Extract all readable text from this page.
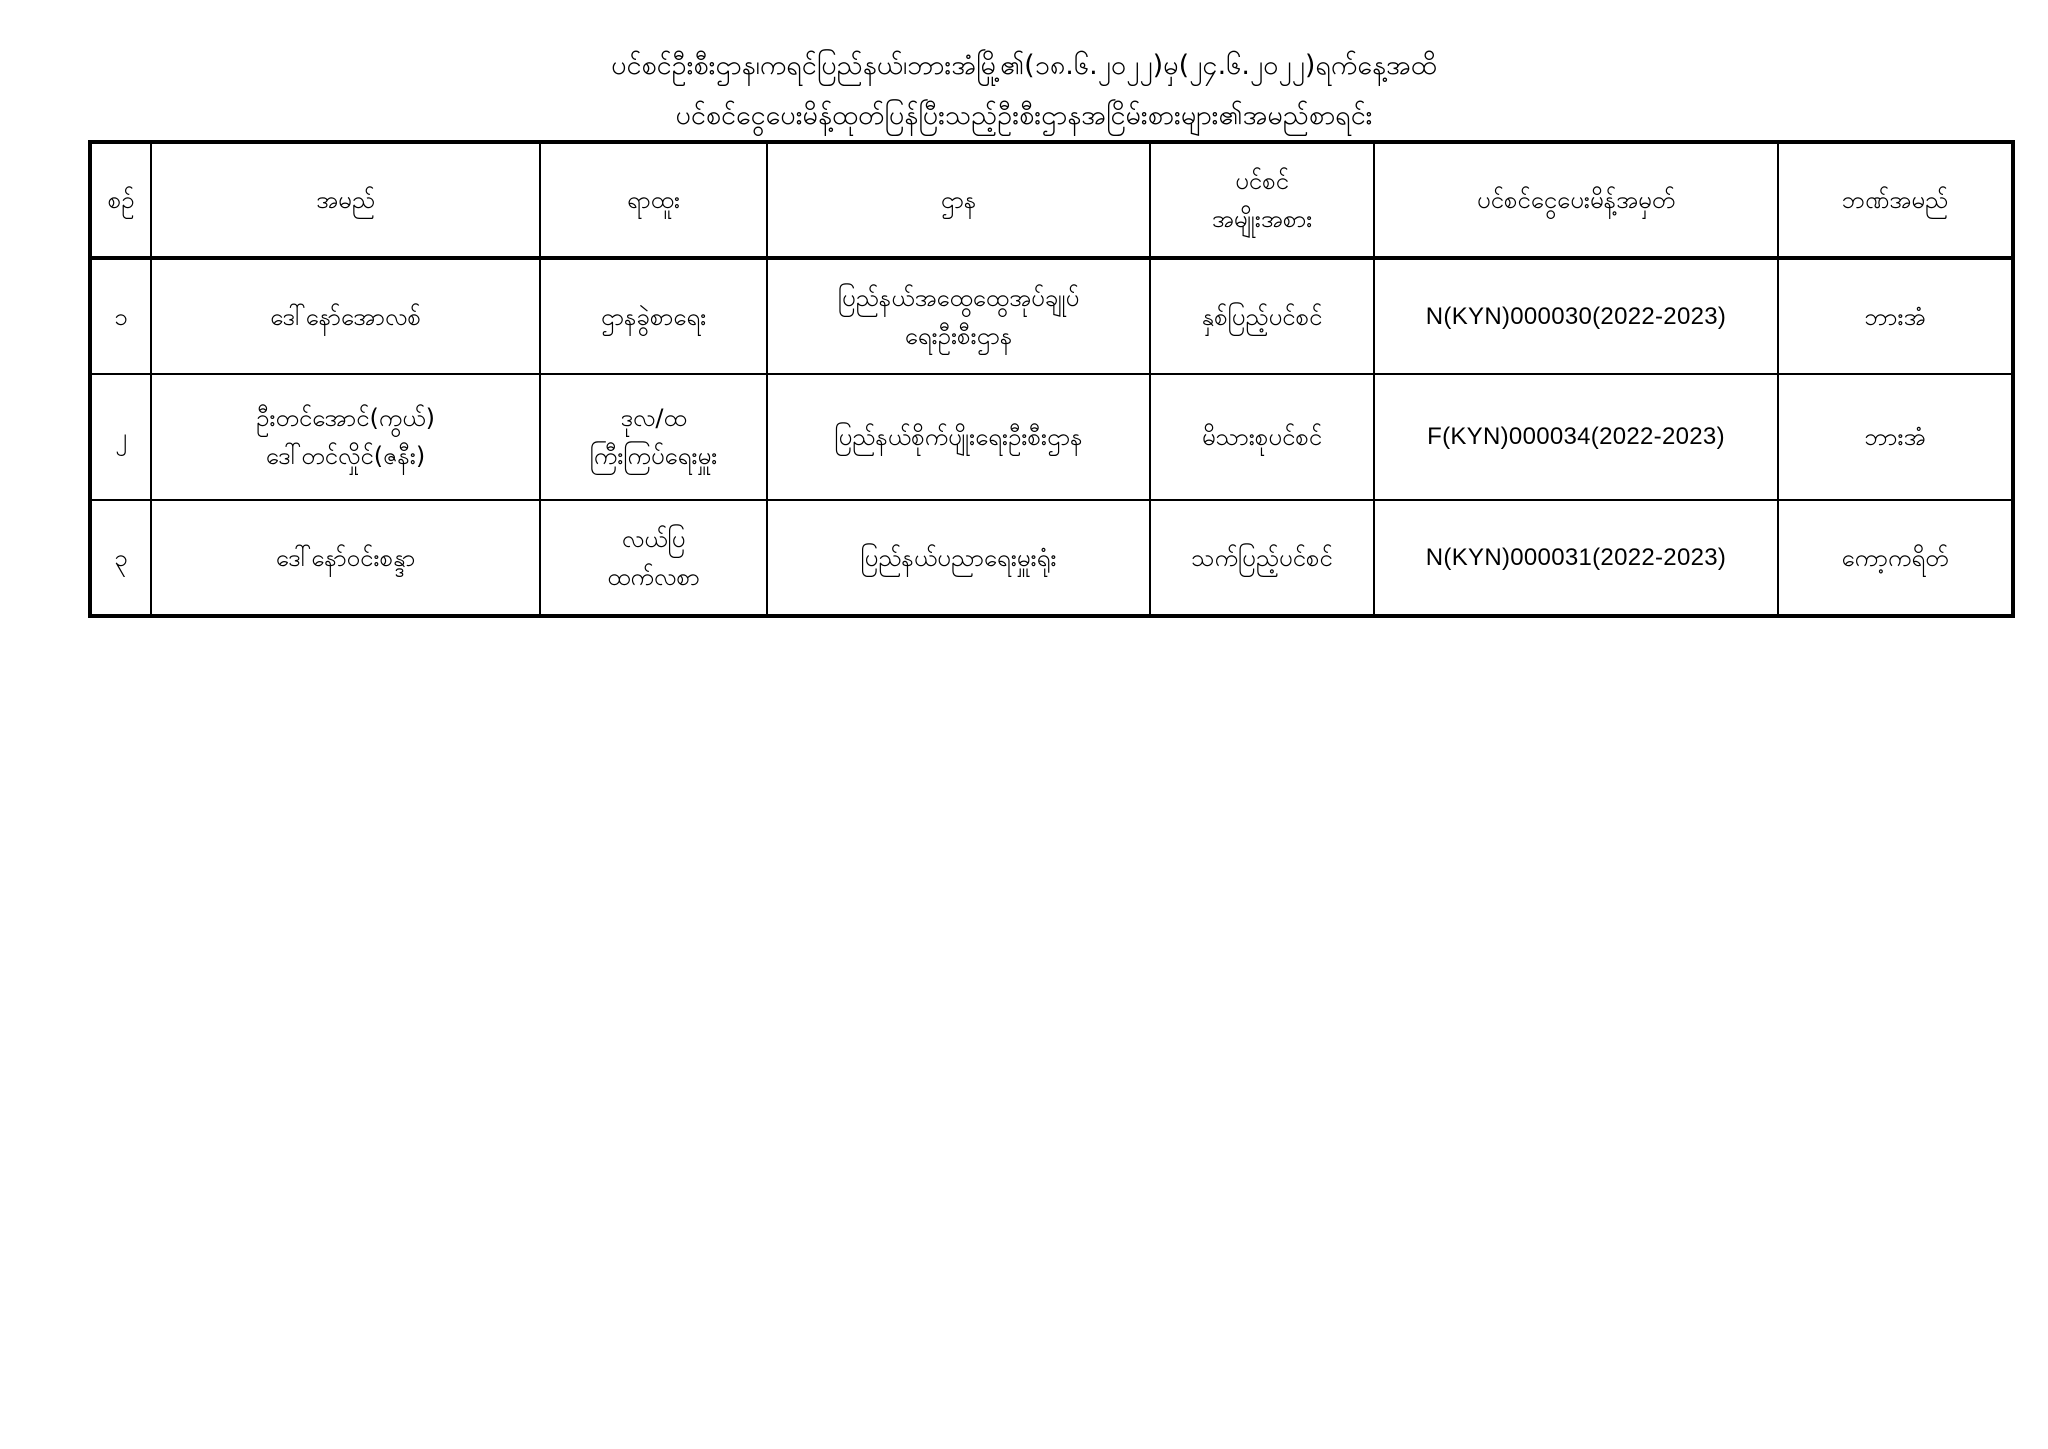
ပင်စင်ဦးစီးဌာန၊ကရင်ပြည်နယ်၊ဘားအံမြို့၏(၁၈.၆.၂၀၂၂)မှ(၂၄.၆.၂၀၂၂)ရက်နေ့အထိ
ပင်စင်ငွေပေးမိန့်ထုတ်ပြန်ပြီးသည့်ဦးစီးဌာနအငြိမ်းစားများ၏အမည်စာရင်း
စဉ်	အမည်	ရာထူး	ဌာန	ပင်စင်
အမျိုးအစား	ပင်စင်ငွေပေးမိန့်အမှတ်	ဘဏ်အမည်
၁	ဒေါ်နော်အောလစ်	ဌာနခွဲစာရေး	ပြည်နယ်အထွေထွေအုပ်ချုပ်
ရေးဦးစီးဌာန	နှစ်ပြည့်ပင်စင်	N(KYN)000030(2022-2023)	ဘားအံ
၂	ဦးတင်အောင်(ကွယ်)
ဒေါ်တင်လှိုင်(ဇနီး)	ဒုလ/ထ
ကြီးကြပ်ရေးမှူး	ပြည်နယ်စိုက်ပျိုးရေးဦးစီးဌာန	မိသားစုပင်စင်	F(KYN)000034(2022-2023)	ဘားအံ
၃	ဒေါ်နော်ဝင်းစန္ဒာ	လယ်ပြ
ထက်လစာ	ပြည်နယ်ပညာရေးမှူးရုံး	သက်ပြည့်ပင်စင်	N(KYN)000031(2022-2023)	ကော့ကရိတ်
